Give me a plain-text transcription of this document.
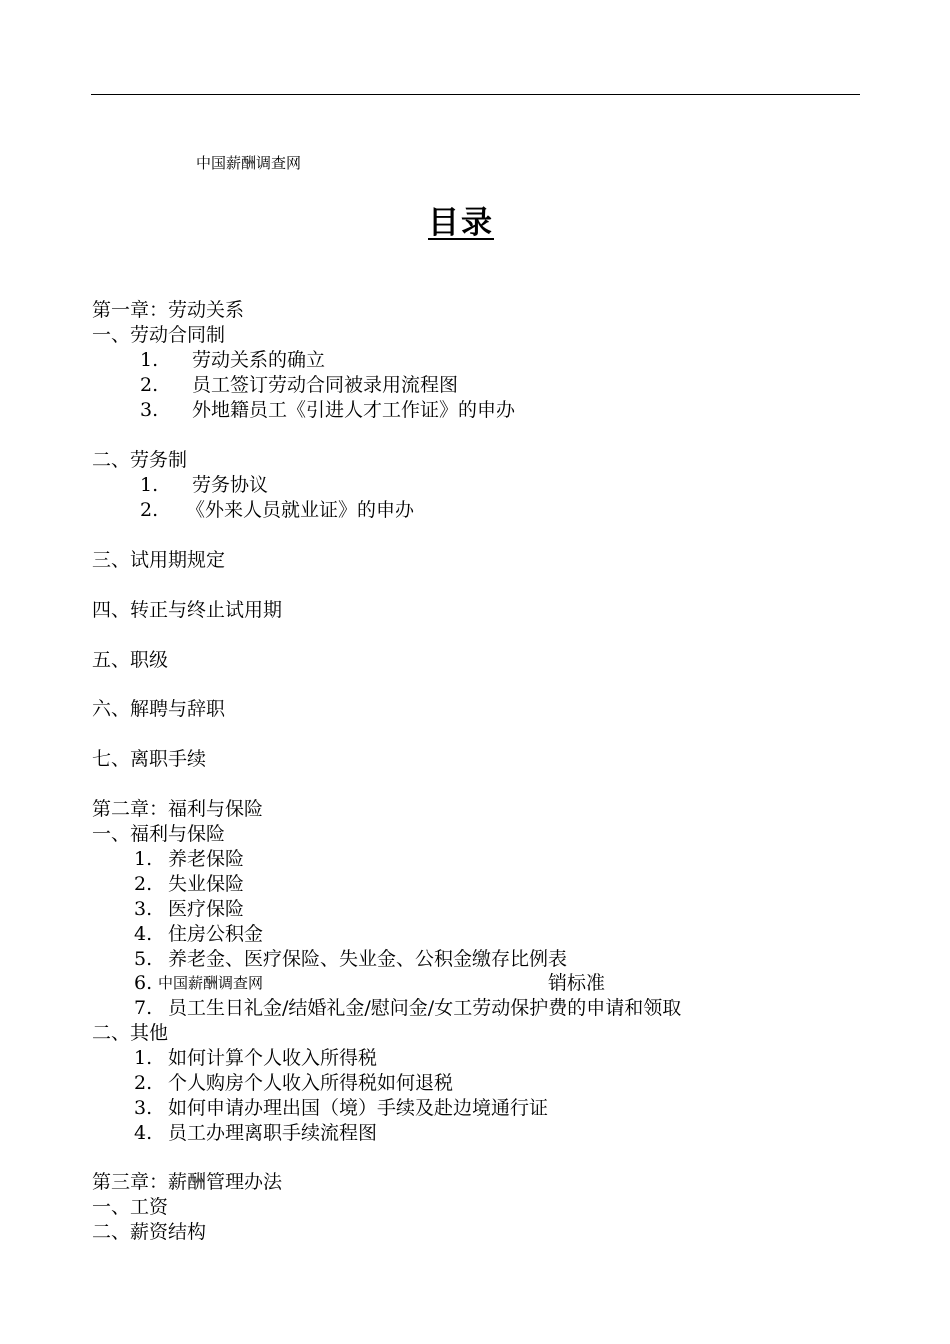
中国薪酬调查网
目录
第一章：劳动关系
一、劳动合同制
1. 劳动关系的确立
2. 员工签订劳动合同被录用流程图
3. 外地籍员工《引进人才工作证》的申办
二、劳务制
1. 劳务协议
2. 《外来人员就业证》的申办
三、试用期规定
四、转正与终止试用期
五、职级
六、解聘与辞职
七、离职手续
第二章：福利与保险
一、福利与保险
1. 养老保险
2. 失业保险
3. 医疗保险
4. 住房公积金
5. 养老金、医疗保险、失业金、公积金缴存比例表
6.
7. 员工生日礼金/结婚礼金/慰问金/女工劳动保护费的申请和领取
销标准
中国薪酬调查网
二、其他
1. 如何计算个人收入所得税
2. 个人购房个人收入所得税如何退税
3. 如何申请办理出国（境）手续及赴边境通行证
4. 员工办理离职手续流程图
第三章：薪酬管理办法
一、工资
二、薪资结构
